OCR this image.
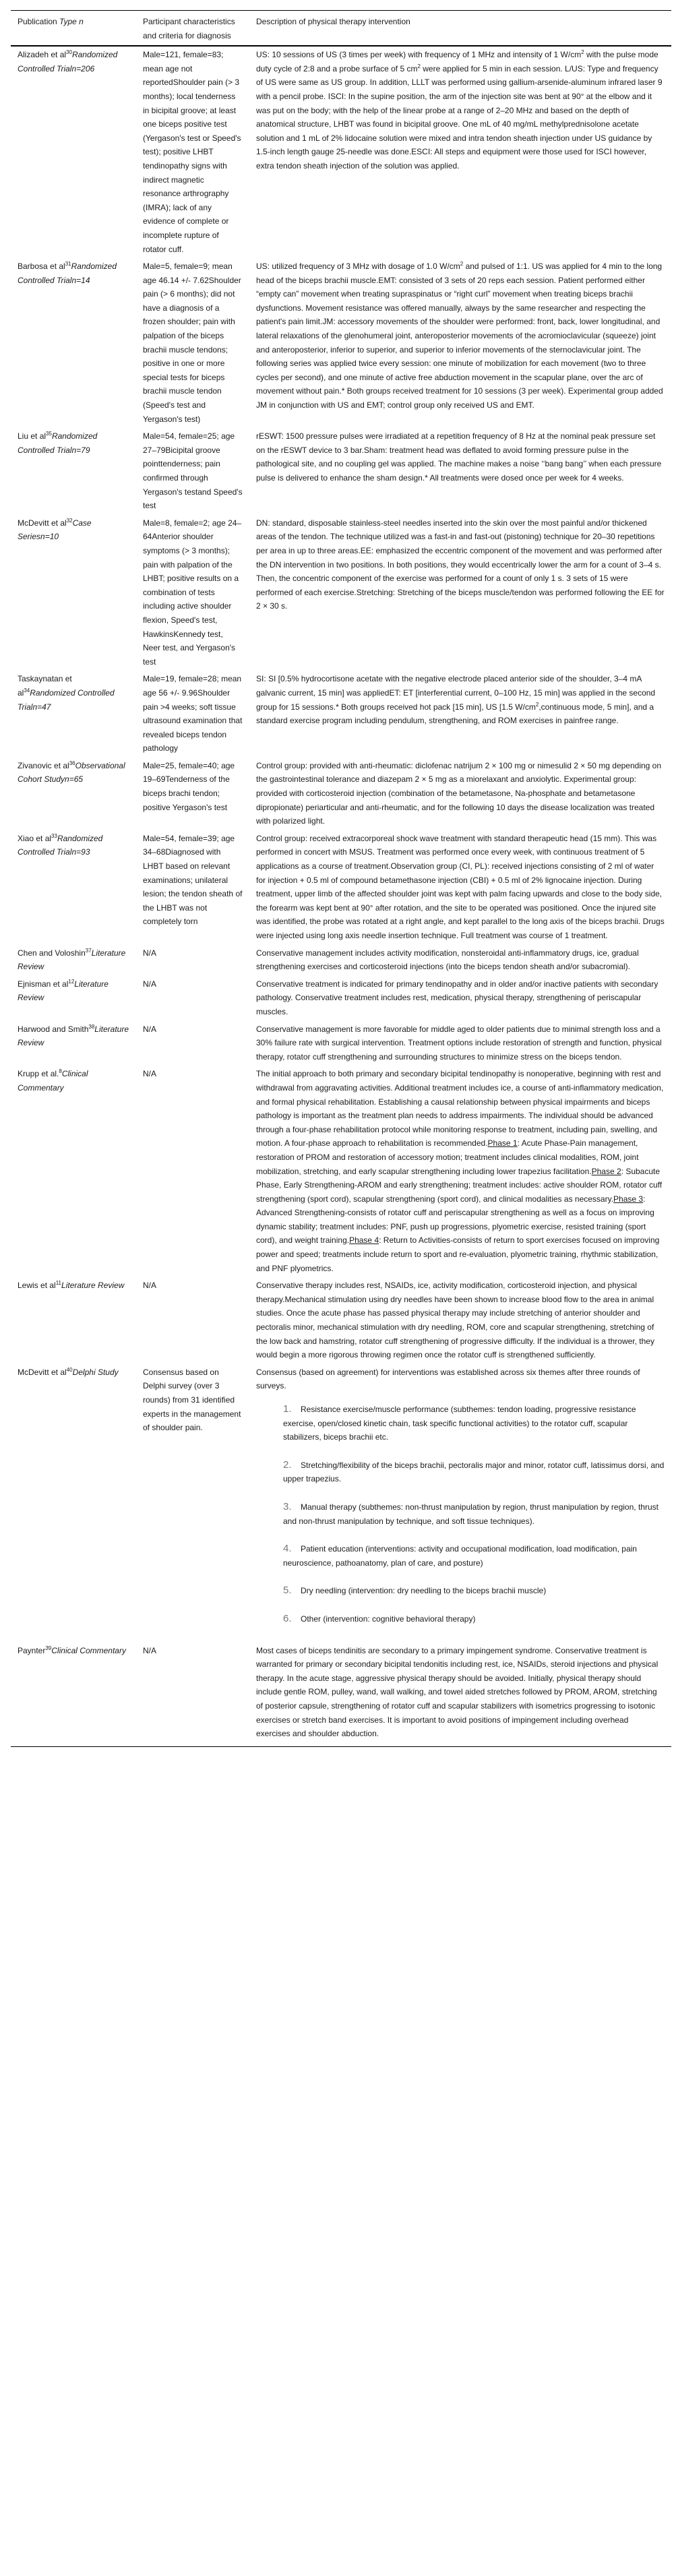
Publication Type n	Participant characteristics and criteria for diagnosis	Description of physical therapy intervention
Alizadeh et $al^{30}Randomized$ Controlled Trialn=206	Male=121, female=83; mean age not reportedShoulder pain (> 3 months); local tenderness in bicipital groove; at least one biceps positive test (Yergason's test or Speed's test); positive LHBT tendinopathy signs with indirect magnetic resonance arthrography (IMRA); lack of any evidence of complete or incomplete rupture of rotator cuff.	US: 10 sessions of US (3 times per week) with frequency of 1 MHz and intensity of 1 $W/cm^2$ with the pulse mode duty cycle of 2:8 and a probe surface of 5 $cm^2$ were applied for 5 min in each session. L/US: Type and frequency of US were same as US group. In addition, LLLT was performed using gallium-arsenide-aluminum infrared laser 9 with a pencil probe. ISCI: In the supine position, the arm of the injection site was bent at 90° at the elbow and it was put on the body; with the help of the linear probe at a range of 2–20 MHz and based on the depth of anatomical structure, LHBT was found in bicipital groove. One mL of 40 mg/mL methylprednisolone acetate solution and 1 mL of 2% lidocaine solution were mixed and intra tendon sheath injection under US guidance by 1.5-inch length gauge 25-needle was done.ESCI: All steps and equipment were those used for ISCI however, extra tendon sheath injection of the solution was applied.
Barbosa et $al^{31}Randomized$ Controlled Trialn=14	Male=5, female=9; mean age 46.14 +/- 7.62Shoulder pain (> 6 months); did not have a diagnosis of a frozen shoulder; pain with palpation of the biceps brachii muscle tendons; positive in one or more special tests for biceps brachii muscle tendon (Speed's test and Yergason's test)	US: utilized frequency of 3 MHz with dosage of 1.0 $W/cm^2$ and pulsed of 1:1. US was applied for 4 min to the long head of the biceps brachii muscle.EMT: consisted of 3 sets of 20 reps each session. Patient performed either “empty can” movement when treating supraspinatus or “right curl” movement when treating biceps brachii dysfunctions. Movement resistance was offered manually, always by the same researcher and respecting the patient's pain limit.JM: accessory movements of the shoulder were performed: front, back, lower longitudinal, and lateral relaxations of the glenohumeral joint, anteroposterior movements of the acromioclavicular (squeeze) joint and anteroposterior, inferior to superior, and superior to inferior movements of the sternoclavicular joint. The following series was applied twice every session: one minute of mobilization for each movement (two to three cycles per second), and one minute of active free abduction movement in the scapular plane, over the arc of movement without pain.* Both groups received treatment for 10 sessions (3 per week). Experimental group added JM in conjunction with US and EMT; control group only received US and EMT.
Liu et $al^{35}Randomized$ Controlled Trialn=79	Male=54, female=25; age 27–79Bicipital groove pointtenderness; pain confirmed through Yergason's testand Speed's test	rESWT: 1500 pressure pulses were irradiated at a repetition frequency of 8 Hz at the nominal peak pressure set on the rESWT device to 3 bar.Sham: treatment head was deflated to avoid forming pressure pulse in the pathological site, and no coupling gel was applied. The machine makes a noise ‘‘bang bang’’ when each pressure pulse is delivered to enhance the sham design.* All treatments were dosed once per week for 4 weeks.
McDevitt et $al^{32}Case$ Seriesn=10	Male=8, female=2; age 24–64Anterior shoulder symptoms (> 3 months); pain with palpation of the LHBT; positive results on a combination of tests including active shoulder flexion, Speed's test, HawkinsKennedy test, Neer test, and Yergason's test	DN: standard, disposable stainless-steel needles inserted into the skin over the most painful and/or thickened areas of the tendon. The technique utilized was a fast-in and fast-out (pistoning) technique for 20–30 repetitions per area in up to three areas.EE: emphasized the eccentric component of the movement and was performed after the DN intervention in two positions. In both positions, they would eccentrically lower the arm for a count of 3–4 s. Then, the concentric component of the exercise was performed for a count of only 1 s. 3 sets of 15 were performed of each exercise.Stretching: Stretching of the biceps muscle/tendon was performed following the EE for 2 × 30 s.
Taskaynatan et $al^{34}Randomized$ Controlled Trialn=47	Male=19, female=28; mean age 56 +/- 9.96Shoulder pain >4 weeks; soft tissue ultrasound examination that revealed biceps tendon pathology	SI: SI [0.5% hydrocortisone acetate with the negative electrode placed anterior side of the shoulder, 3–4 mA galvanic current, 15 min] was appliedET: ET [interferential current, 0–100 Hz, 15 min] was applied in the second group for 15 sessions.* Both groups received hot pack [15 min], US [1.5 $W/cm^2,continuous$ mode, 5 min], and a standard exercise program including pendulum, strengthening, and ROM exercises in painfree range.
Zivanovic et $al^{36}Observational$ Cohort Studyn=65	Male=25, female=40; age 19–69Tenderness of the biceps brachi tendon; positive Yergason's test	Control group: provided with anti-rheumatic: diclofenac natrijum 2 × 100 mg or nimesulid 2 × 50 mg depending on the gastrointestinal tolerance and diazepam 2 × 5 mg as a miorelaxant and anxiolytic. Experimental group: provided with corticosteroid injection (combination of the betametasone, Na-phosphate and betametasone dipropionate) periarticular and anti-rheumatic, and for the following 10 days the disease localization was treated with polarized light.
Xiao et $al^{33}Randomized$ Controlled Trialn=93	Male=54, female=39; age 34–68Diagnosed with LHBT based on relevant examinations; unilateral lesion; the tendon sheath of the LHBT was not completely torn	Control group: received extracorporeal shock wave treatment with standard therapeutic head (15 mm). This was performed in concert with MSUS. Treatment was performed once every week, with continuous treatment of 5 applications as a course of treatment.Observation group (CI, PL): received injections consisting of 2 ml of water for injection + 0.5 ml of compound betamethasone injection (CBI) + 0.5 ml of 2% lignocaine injection. During treatment, upper limb of the affected shoulder joint was kept with palm facing upwards and close to the body side, the forearm was kept bent at 90° after rotation, and the site to be operated was positioned. Once the injured site was identified, the probe was rotated at a right angle, and kept parallel to the long axis of the biceps brachii. Drugs were injected using long axis needle insertion technique. Full treatment was course of 1 treatment.
Chen and Voloshin$^{37}$Literature Review	N/A	Conservative management includes activity modification, nonsteroidal anti-inflammatory drugs, ice, gradual strengthening exercises and corticosteroid injections (into the biceps tendon sheath and/or subacromial).
Ejnisman et $al^{12}Literature$ Review	N/A	Conservative treatment is indicated for primary tendinopathy and in older and/or inactive patients with secondary pathology. Conservative treatment includes rest, medication, physical therapy, strengthening of periscapular muscles.
Harwood and Smith$^{38}$Literature Review	N/A	Conservative management is more favorable for middle aged to older patients due to minimal strength loss and a 30% failure rate with surgical intervention. Treatment options include restoration of strength and function, physical therapy, rotator cuff strengthening and surrounding structures to minimize stress on the biceps tendon.
Krupp et al.$^8$Clinical Commentary	N/A	The initial approach to both primary and secondary bicipital tendinopathy is nonoperative, beginning with rest and withdrawal from aggravating activities. Additional treatment includes ice, a course of anti-inflammatory medication, and formal physical rehabilitation. Establishing a causal relationship between physical impairments and biceps pathology is important as the treatment plan needs to address impairments. The individual should be advanced through a four-phase rehabilitation protocol while monitoring response to treatment, including pain, swelling, and motion. A four-phase approach to rehabilitation is recommended.Phase 1: Acute Phase-Pain management, restoration of PROM and restoration of accessory motion; treatment includes clinical modalities, ROM, joint mobilization, stretching, and early scapular strengthening including lower trapezius facilitation.Phase 2: Subacute Phase, Early Strengthening-AROM and early strengthening; treatment includes: active shoulder ROM, rotator cuff strengthening (sport cord), scapular strengthening (sport cord), and clinical modalities as necessary.Phase 3: Advanced Strengthening-consists of rotator cuff and periscapular strengthening as well as a focus on improving dynamic stability; treatment includes: PNF, push up progressions, plyometric exercise, resisted training (sport cord), and weight training.Phase 4: Return to Activities-consists of return to sport exercises focused on improving power and speed; treatments include return to sport and re-evaluation, plyometric training, rhythmic stabilization, and PNF plyometrics.
Lewis et $al^{11}Literature$ Review	N/A	Conservative therapy includes rest, NSAIDs, ice, activity modification, corticosteroid injection, and physical therapy.Mechanical stimulation using dry needles have been shown to increase blood flow to the area in animal studies. Once the acute phase has passed physical therapy may include stretching of anterior shoulder and pectoralis minor, mechanical stimulation with dry needling, ROM, core and scapular strengthening, stretching of the low back and hamstring, rotator cuff strengthening of progressive difficulty. If the individual is a thrower, they would begin a more rigorous throwing regimen once the rotator cuff is strengthened sufficiently.
McDevitt et $al^{40}Delphi$ Study	Consensus based on Delphi survey (over 3 rounds) from 31 identified experts in the management of shoulder pain.	Consensus (based on agreement) for interventions was established across six themes after three rounds of surveys.
1. Resistance exercise/muscle performance (subthemes: tendon loading, progressive resistance exercise, open/closed kinetic chain, task specific functional activities) to the rotator cuff, scapular stabilizers, biceps brachii etc.
2. Stretching/flexibility of the biceps brachii, pectoralis major and minor, rotator cuff, latissimus dorsi, and upper trapezius.
3. Manual therapy (subthemes: non-thrust manipulation by region, thrust manipulation by region, thrust and non-thrust manipulation by technique, and soft tissue techniques).
4. Patient education (interventions: activity and occupational modification, load modification, pain neuroscience, pathoanatomy, plan of care, and posture)
5. Dry needling (intervention: dry needling to the biceps brachii muscle)
6. Other (intervention: cognitive behavioral therapy)

Paynter$^{39}$Clinical Commentary	N/A	Most cases of biceps tendinitis are secondary to a primary impingement syndrome. Conservative treatment is warranted for primary or secondary bicipital tendonitis including rest, ice, NSAIDs, steroid injections and physical therapy. In the acute stage, aggressive physical therapy should be avoided. Initially, physical therapy should include gentle ROM, pulley, wand, wall walking, and towel aided stretches followed by PROM, AROM, stretching of posterior capsule, strengthening of rotator cuff and scapular stabilizers with isometrics progressing to isotonic exercises or stretch band exercises. It is important to avoid positions of impingement including overhead exercises and shoulder abduction.
